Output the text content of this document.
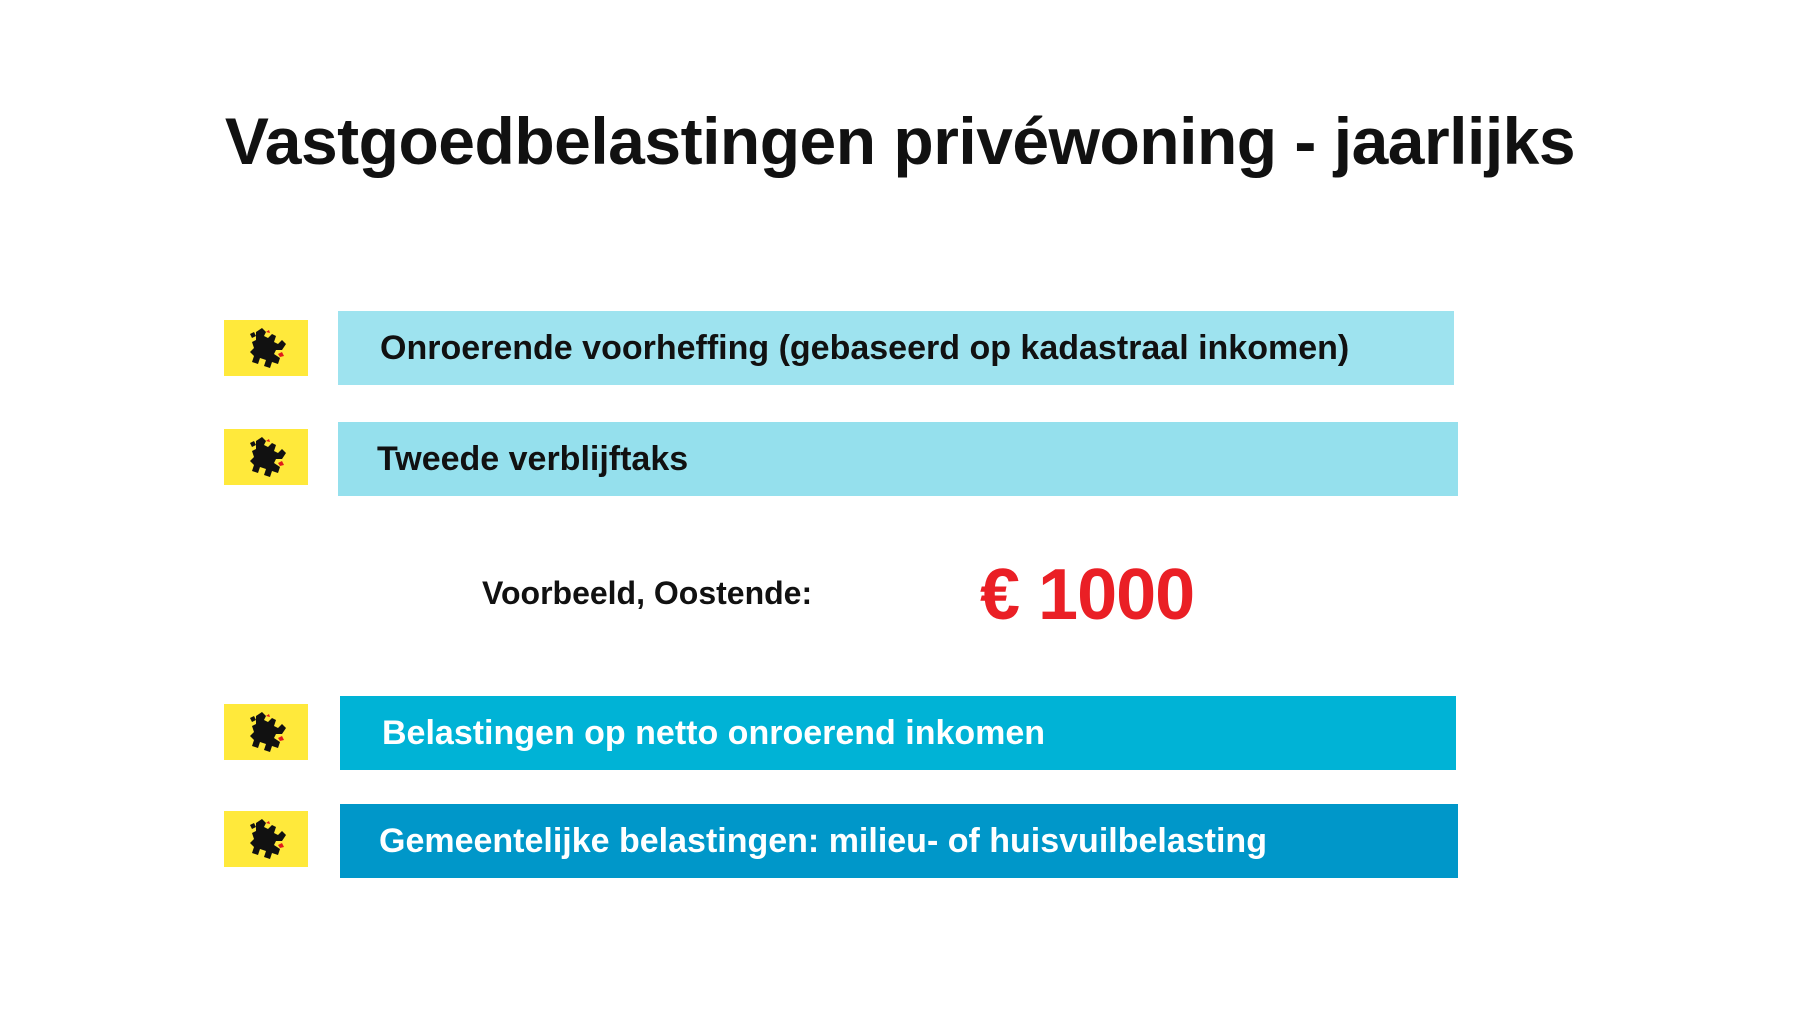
Vastgoedbelastingen privéwoning - jaarlijks
Onroerende voorheffing (gebaseerd op kadastraal inkomen)
Tweede verblijftaks
Voorbeeld, Oostende: € 1000
Belastingen op netto onroerend inkomen
Gemeentelijke belastingen: milieu- of huisvuilbelasting
